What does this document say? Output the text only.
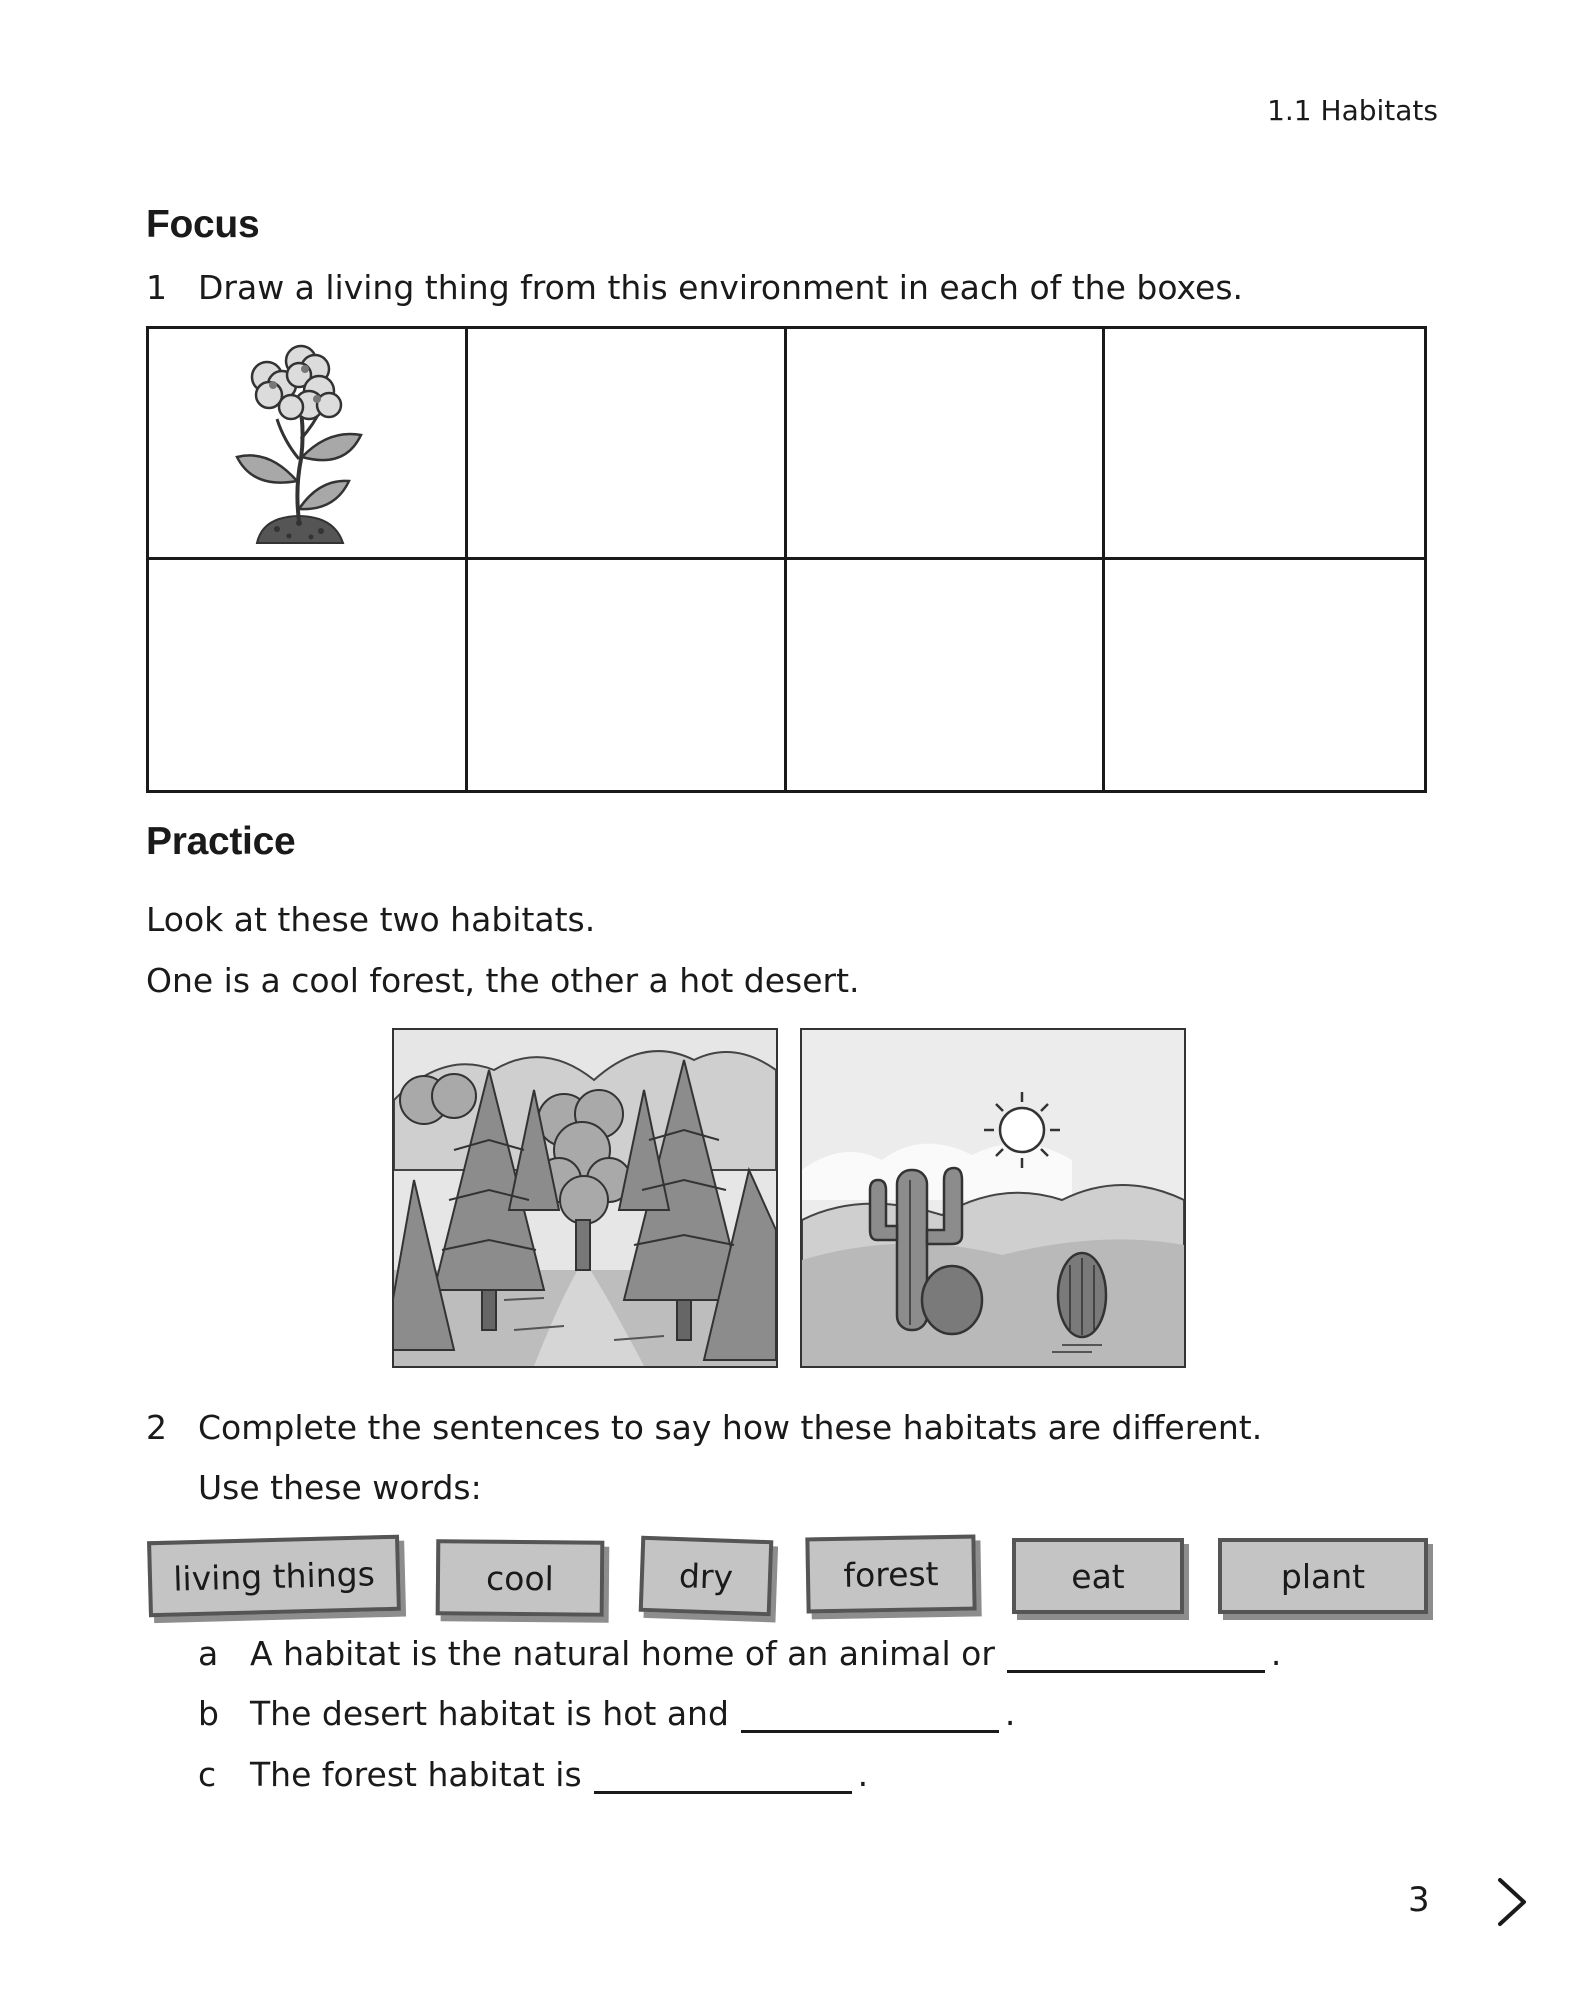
1.1 Habitats
Focus
1 Draw a living thing from this environment in each of the boxes.
Practice
Look at these two habitats.
One is a cool forest, the other a hot desert.
2 Complete the sentences to say how these habitats are different.
Use these words:
living things	cool	dry	forest	eat	plant
a A habitat is the natural home of an animal or	.
b The desert habitat is hot and	.
c	The forest habitat is	.
3
